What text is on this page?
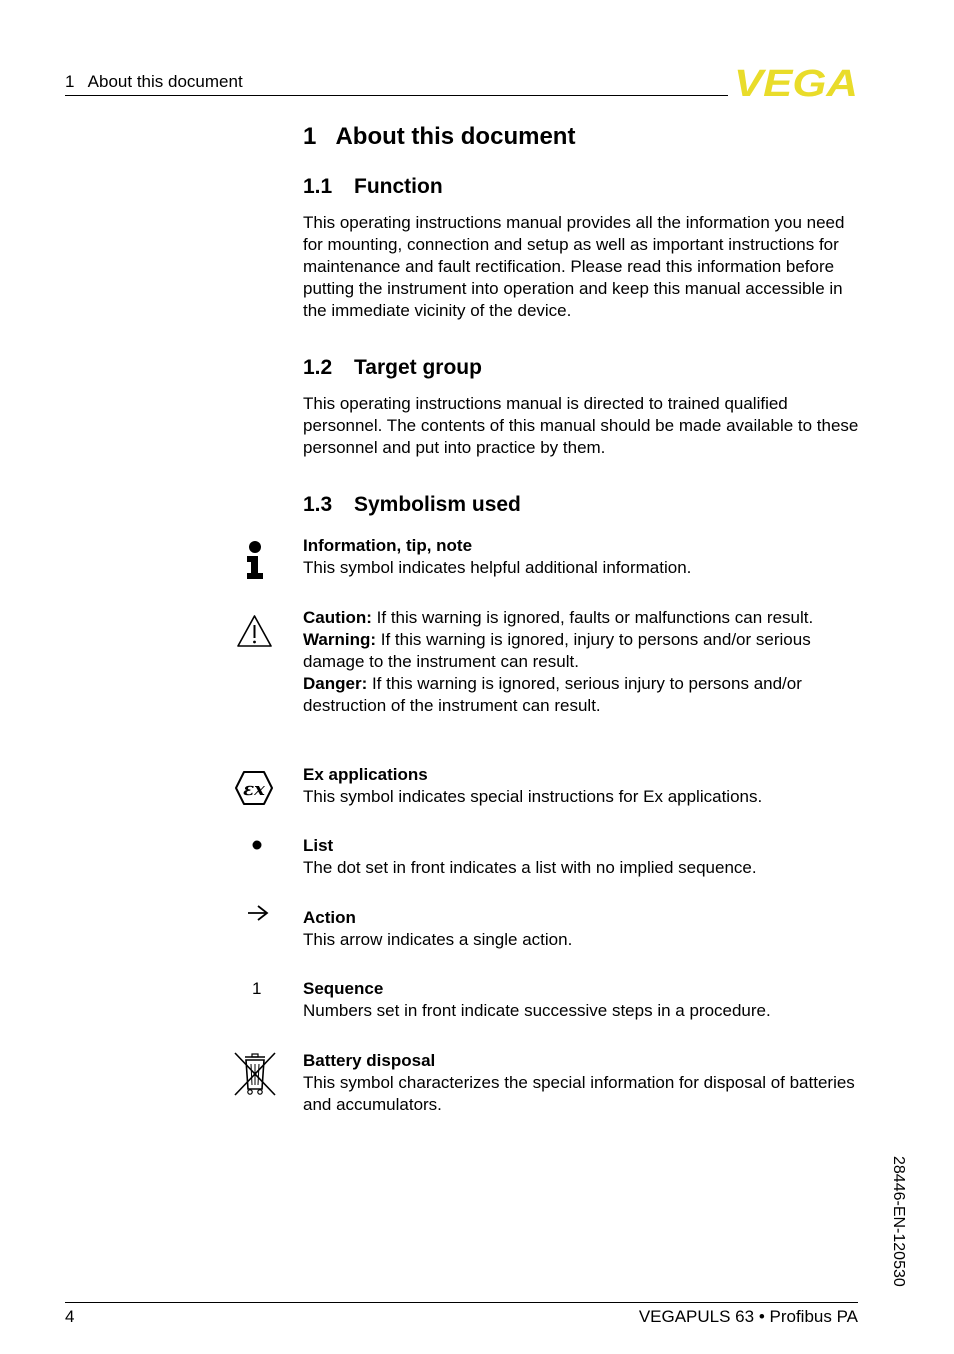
1   About this document	VEGA
1   About this document
1.1 Function
This operating instructions manual provides all the information you need for mounting, connection and setup as well as important instructions for maintenance and fault rectification. Please read this information before putting the instrument into operation and keep this manual accessible in the immediate vicinity of the device.
1.2 Target group
This operating instructions manual is directed to trained qualified personnel. The contents of this manual should be made available to these personnel and put into practice by them.
1.3 Symbolism used
Information, tip, note
This symbol indicates helpful additional information.
Caution: If this warning is ignored, faults or malfunctions can result.
Warning: If this warning is ignored, injury to persons and/or serious damage to the instrument can result.
Danger: If this warning is ignored, serious injury to persons and/or destruction of the instrument can result.
εx
Ex applications
This symbol indicates special instructions for Ex applications.
List
The dot set in front indicates a list with no implied sequence.
Action
This arrow indicates a single action.
1 Sequence
Numbers set in front indicate successive steps in a procedure.
Battery disposal
This symbol characterizes the special information for disposal of batteries and accumulators.
28446-EN-120530
4	VEGAPULS 63 • Profibus PA
